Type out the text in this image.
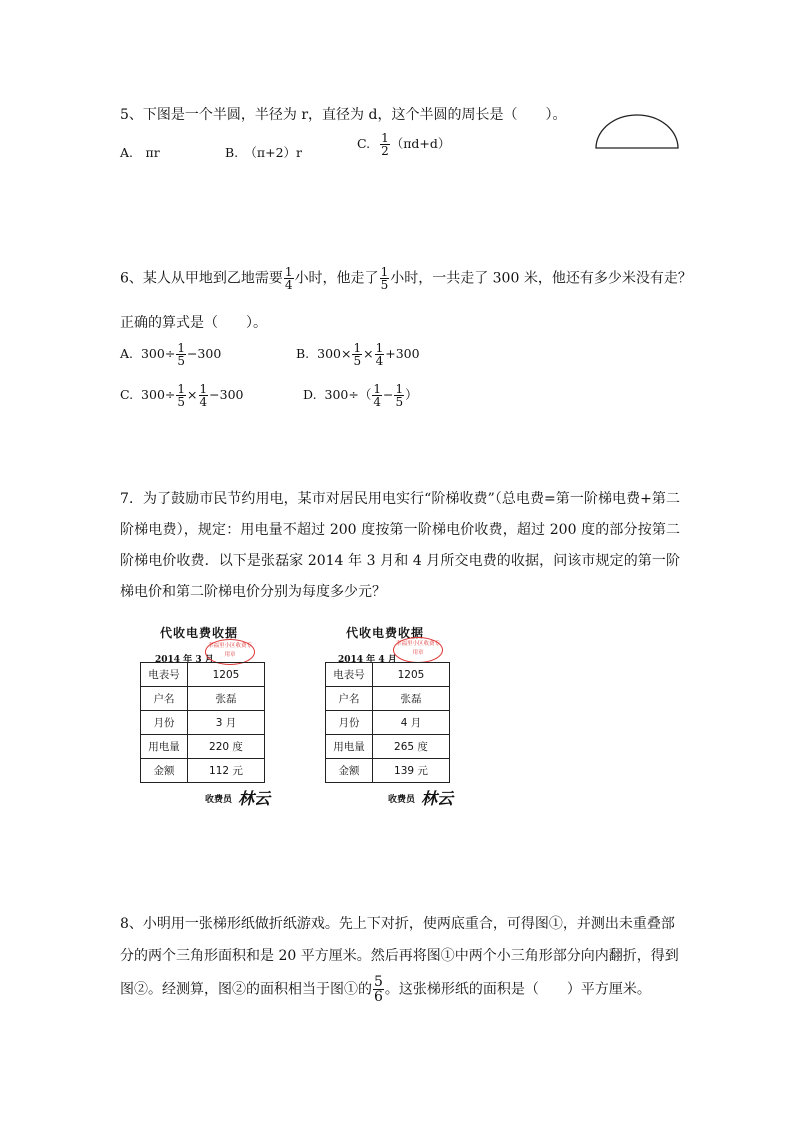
5、下图是一个半圆，半径为 r，直径为 d，这个半圆的周长是（　　）。
A.　πr	B.　（π+2）r
C. $\frac{1}{2} (\pi d+d)$
6、某人从甲地到乙地需要 $\frac{1}{4}$ 小时，他走了 $\frac{1}{5}$ 小时，一共走了 300 米，他还有多少米没有走？
正确的算式是（　　）。
A. $300\div \frac{1}{5} -300$	B. $300\times \frac{1}{5} \times \frac{1}{4} +300$
C. $300\div \frac{1}{5} \times \frac{1}{4} -300$	D. $300\div( \frac{1}{4} - \frac{1}{5}$ ）
7．为了鼓励市民节约用电，某市对居民用电实行“阶梯收费”（总电费=第一阶梯电费+第二阶梯电费），规定：用电量不超过 200 度按第一阶梯电价收费，超过 200 度的部分按第二阶梯电价收费．以下是张磊家 2014 年 3 月和 4 月所交电费的收据，问该市规定的第一阶梯电价和第二阶梯电价分别为每度多少元？
代收电费收据
2014 年 3 月
幸福里小区收费专用章
电表号	1205
户名	张磊
月份	3 月
用电量	220 度
金额	112 元
收费员 林云
代收电费收据
2014 年 4 月
幸福里小区收费专用章
电表号	1205
户名	张磊
月份	4 月
用电量	265 度
金额	139 元
收费员 林云
8、小明用一张梯形纸做折纸游戏。先上下对折，使两底重合，可得图①，并测出未重叠部
分的两个三角形面积和是 20 平方厘米。然后再将图①中两个小三角形部分向内翻折，得到
图②。经测算，图②的面积相当于图①的 $\frac{5}{6}$ 。这张梯形纸的面积是（　　）平方厘米。
